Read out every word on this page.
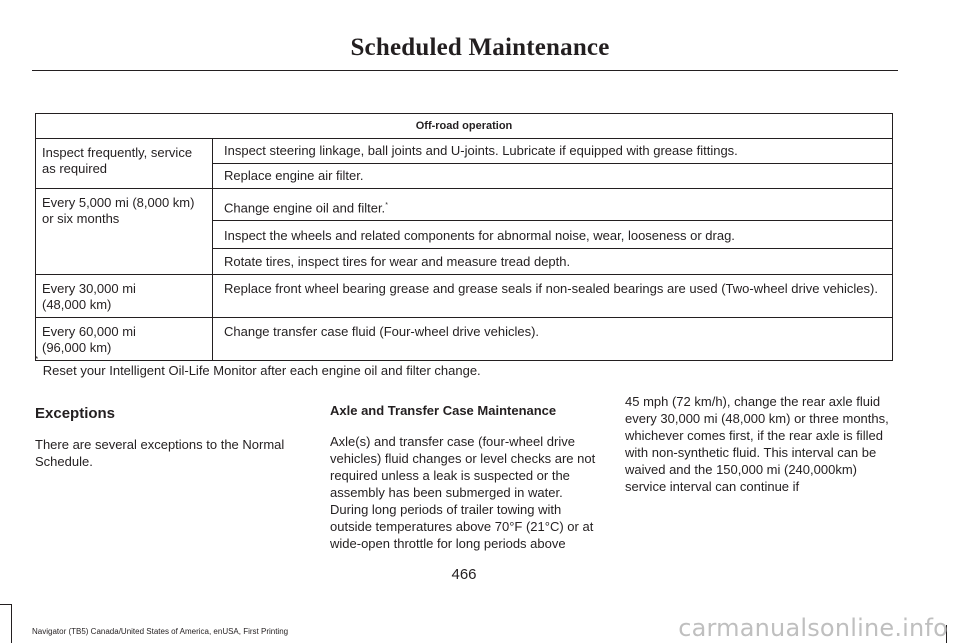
Scheduled Maintenance
Off-road operation	
Inspect frequently, service as required	Inspect steering linkage, ball joints and U-joints. Lubricate if equipped with grease fittings.
	Replace engine air filter.
Every 5,000 mi (8,000 km) or six months	Change engine oil and filter.*
	Inspect the wheels and related components for abnormal noise, wear, looseness or drag.
	Rotate tires, inspect tires for wear and measure tread depth.
Every 30,000 mi
(48,000 km)	Replace front wheel bearing grease and grease seals if non-sealed bearings are used (Two-wheel drive vehicles).
Every 60,000 mi
(96,000 km)	Change transfer case fluid (Four-wheel drive vehicles).
* Reset your Intelligent Oil-Life Monitor after each engine oil and filter change.

Exceptions

There are several exceptions to the Normal Schedule.

Axle and Transfer Case Maintenance

Axle(s) and transfer case (four-wheel drive vehicles) fluid changes or level checks are not required unless a leak is suspected or the assembly has been submerged in water. During long periods of trailer towing with outside temperatures above 70°F (21°C) or at wide-open throttle for long periods above

45 mph (72 km/h), change the rear axle fluid every 30,000 mi (48,000 km) or three months, whichever comes first, if the rear axle is filled with non-synthetic fluid. This interval can be waived and the 150,000 mi (240,000km) service interval can continue if

466
Navigator (TB5) Canada/United States of America, enUSA, First Printing	carmanualsonline.info
